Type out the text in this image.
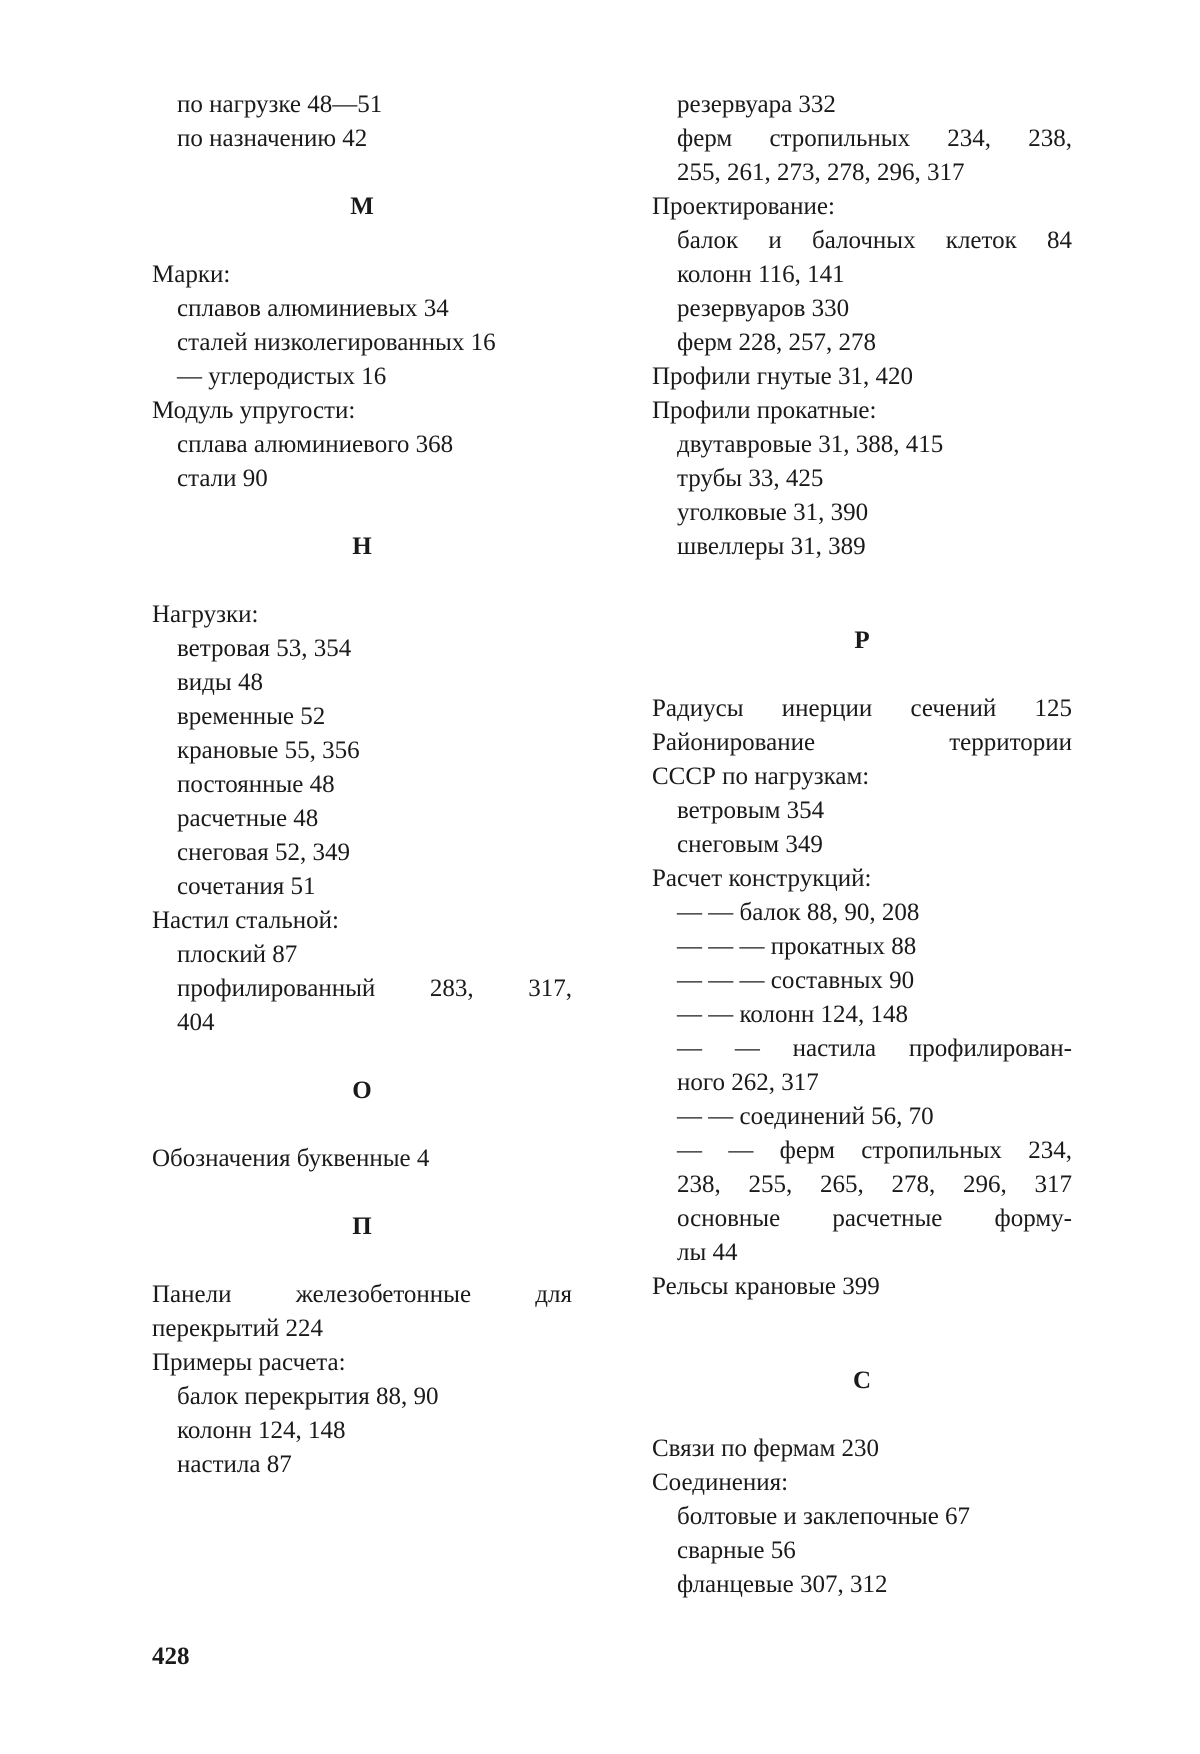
по нагрузке 48—51
по назначению 42
М
Марки:
сплавов алюминиевых 34
сталей низколегированных 16
— углеродистых 16
Модуль упругости:
сплава алюминиевого 368
стали 90
Н
Нагрузки:
ветровая 53, 354
виды 48
временные 52
крановые 55, 356
постоянные 48
расчетные 48
снеговая 52, 349
сочетания 51
Настил стальной:
плоский 87
профилированный 283, 317,
404
О
Обозначения буквенные 4
П
Панели	железобетонные	для
перекрытий 224
Примеры расчета:
балок перекрытия 88, 90
колонн 124, 148
настила 87
резервуара 332
ферм стропильных 234, 238,
255, 261, 273, 278, 296, 317
Проектирование:
балок и балочных клеток 84
колонн 116, 141
резервуаров 330
ферм 228, 257, 278
Профили гнутые 31, 420
Профили прокатные:
двутавровые 31, 388, 415
трубы 33, 425
уголковые 31, 390
швеллеры 31, 389
Р
Радиусы инерции сечений 125
Районирование	территории
СССР по нагрузкам:
ветровым 354
снеговым 349
Расчет конструкций:
— — балок 88, 90, 208
— — — прокатных 88
— — — составных 90
— — колонн 124, 148
— — настила профилирован-
ного 262, 317
— — соединений 56, 70
— — ферм стропильных 234,
238, 255, 265, 278, 296, 317
основные расчетные форму-
лы 44
Рельсы крановые 399
С
Связи по фермам 230
Соединения:
болтовые и заклепочные 67
сварные 56
фланцевые 307, 312
428
